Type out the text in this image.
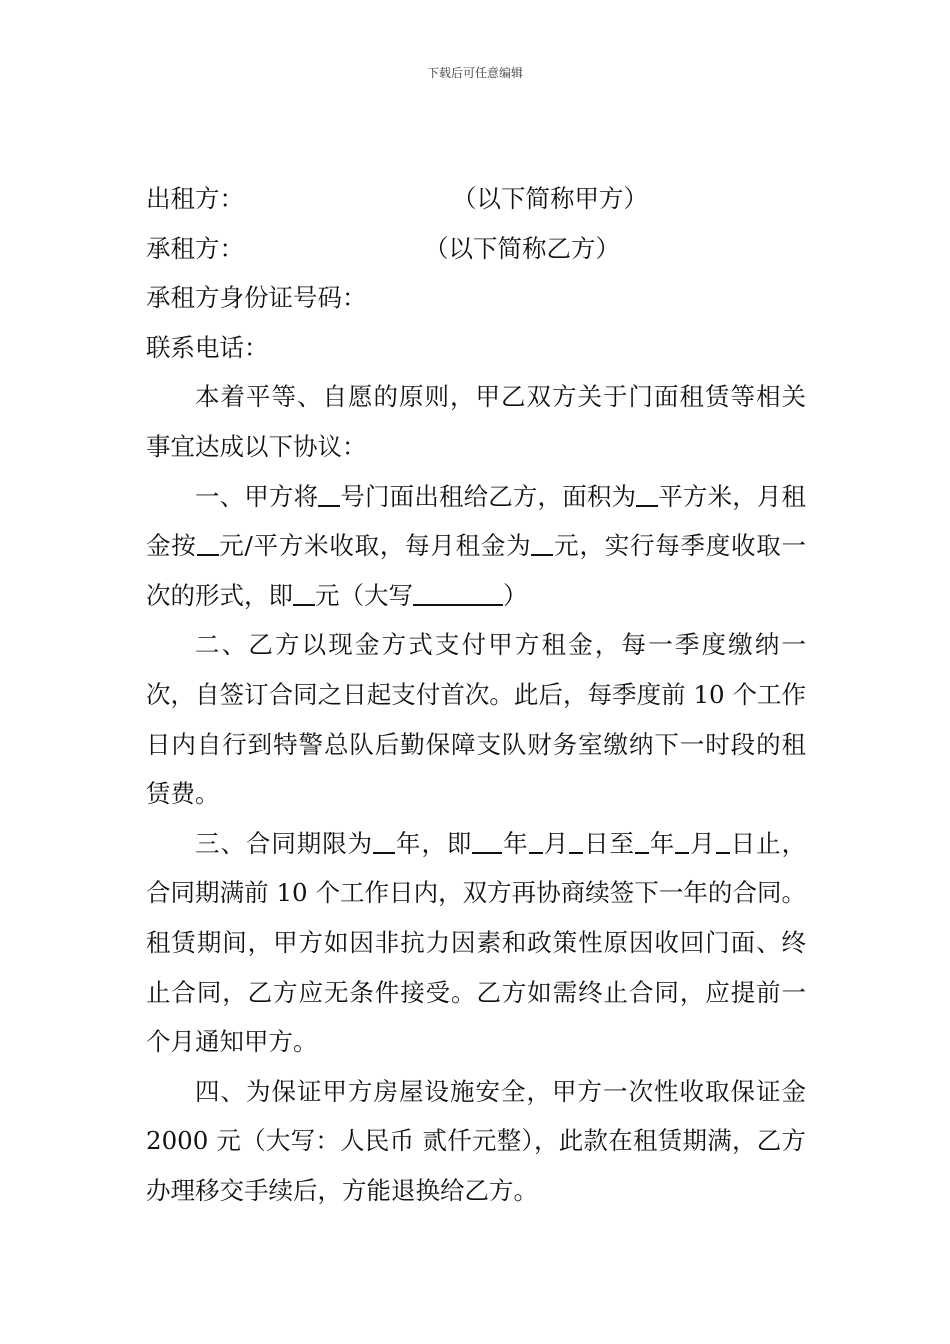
下载后可任意编辑
出租方：	（以下简称甲方）
承租方：	（以下简称乙方）
承租方身份证号码：
联系电话：

本着平等、自愿的原则，甲乙双方关于门面租赁等相关事宜达成以下协议：

一、甲方将 号门面出租给乙方，面积为 平方米，月租金按 元/平方米收取，每月租金为 元，实行每季度收取一次的形式，即 元（大写	）

二、乙方以现金方式支付甲方租金，每一季度缴纳一次，自签订合同之日起支付首次。此后，每季度前 10 个工作日内自行到特警总队后勤保障支队财务室缴纳下一时段的租赁费。

三、合同期限为 年，即 年 月 日至 年 月 日止，合同期满前 10 个工作日内，双方再协商续签下一年的合同。租赁期间，甲方如因非抗力因素和政策性原因收回门面、终止合同，乙方应无条件接受。乙方如需终止合同，应提前一个月通知甲方。

四、为保证甲方房屋设施安全，甲方一次性收取保证金 2000 元（大写：人民币 贰仟元整），此款在租赁期满，乙方办理移交手续后，方能退换给乙方。
